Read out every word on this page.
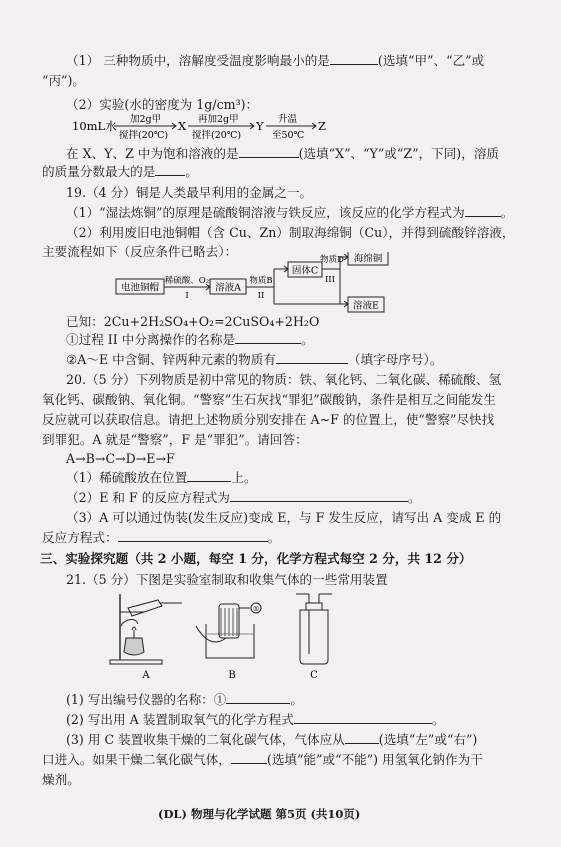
（1） 三种物质中，溶解度受温度影响最小的是	(选填“甲”、“乙”或
“丙”)。
（2）实验(水的密度为 1g/cm³)：
10mL水 加2g甲
搅拌(20℃)
X 再加2g甲
搅拌(20℃)
Y 升温
至50℃
Z
在 X、Y、Z 中为饱和溶液的是	(选填“X”、“Y”或“Z”，下同)，溶质
的质量分数最大的是 。
19.（4 分）铜是人类最早利用的金属之一。
（1）“湿法炼铜”的原理是硫酸铜溶液与铁反应，该反应的化学方程式为	。
（2）利用废旧电池铜帽（含 Cu、Zn）制取海绵铜（Cu），并得到硫酸锌溶液，
主要流程如下（反应条件已略去）：
电池铜帽
稀硫酸、O₂
I
溶液A
物质B
II
固体C
物质D
III
海绵铜
溶液E
已知：2Cu+2H₂SO₄+O₂=2CuSO₄+2H₂O
①过程 II 中分离操作的名称是	。
②A～E 中含铜、锌两种元素的物质有	（填字母序号）。
20.（5 分）下列物质是初中常见的物质：铁、氧化钙、二氧化碳、稀硫酸、氢
氧化钙、碳酸钠、氧化铜。“警察”生石灰找“罪犯”碳酸钠，条件是相互之间能发生
反应就可以获取信息。请把上述物质分别安排在 A~F 的位置上，使“警察”尽快找
到罪犯。A 就是“警察”，F 是“罪犯”。请回答：
A→B→C→D→E→F
（1）稀硫酸放在位置	上。
（2）E 和 F 的反应方程式为	。
（3）A 可以通过伪装(发生反应)变成 E，与 F 发生反应，请写出 A 变成 E 的
反应方程式：	。
三、实验探究题（共 2 小题，每空 1 分，化学方程式每空 2 分，共 12 分）
21.（5 分）下图是实验室制取和收集气体的一些常用装置
①
A	B	C
(1) 写出编号仪器的名称：①	。
(2) 写出用 A 装置制取氧气的化学方程式	。
(3) 用 C 装置收集干燥的二氧化碳气体，气体应从	(选填“左”或“右”)
口进入。如果干燥二氧化碳气体，	(选填“能”或“不能”) 用氢氧化钠作为干
燥剂。
(DL) 物理与化学试题 第5页 (共10页)
